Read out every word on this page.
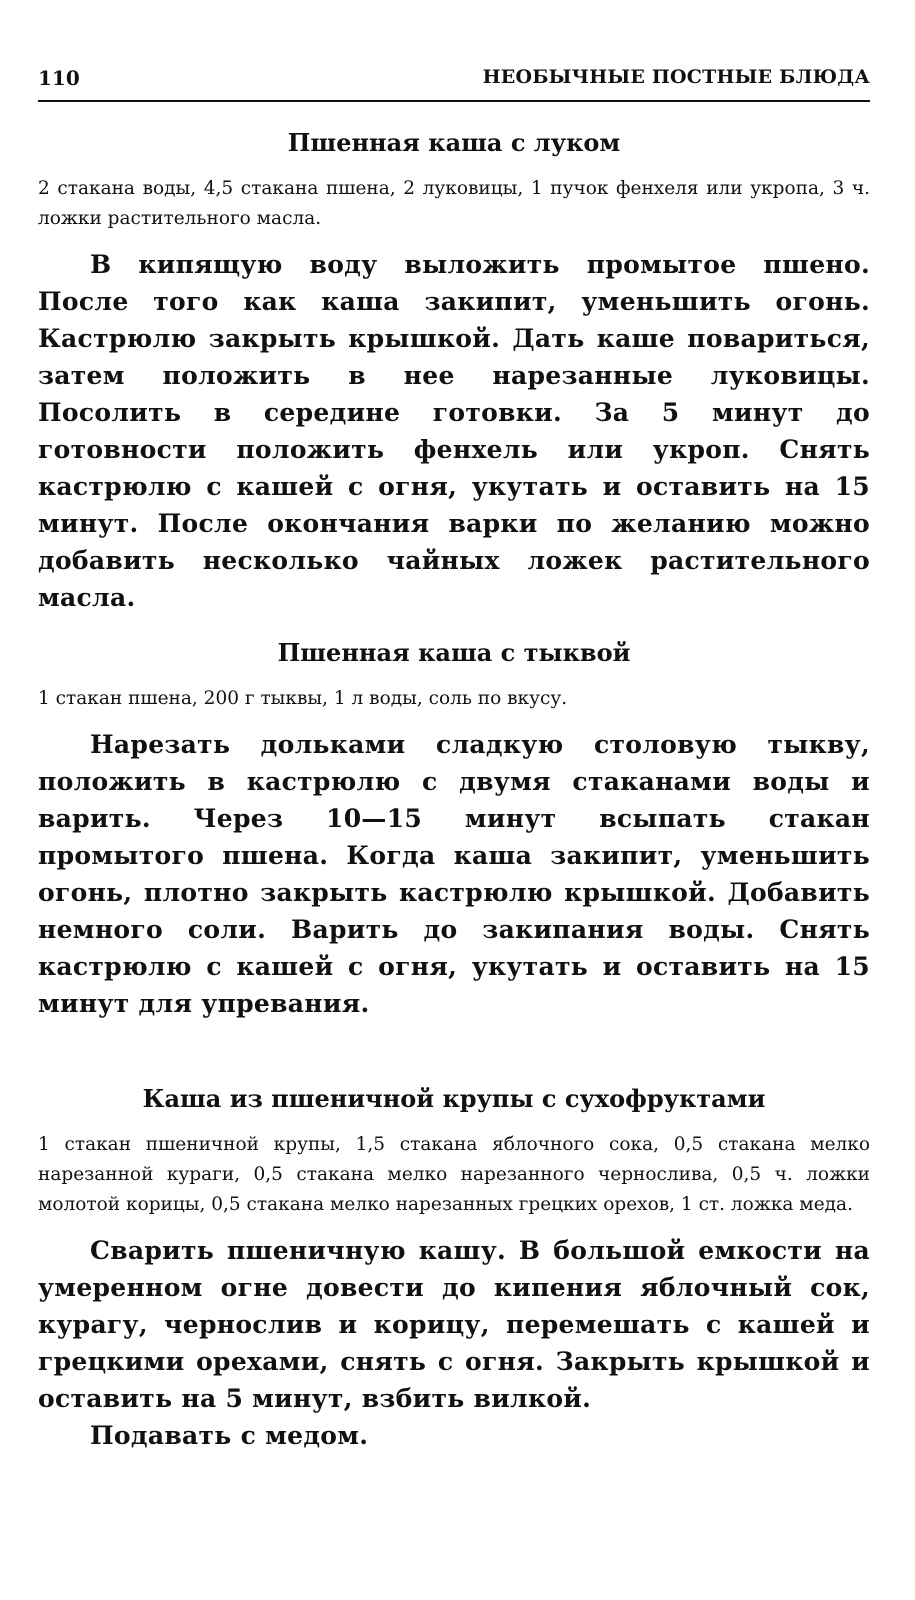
110	НЕОБЫЧНЫЕ ПОСТНЫЕ БЛЮДА
Пшенная каша с луком

2 стакана воды, 4,5 стакана пшена, 2 луковицы, 1 пучок фенхеля или укропа, 3 ч. ложки растительного масла.

В кипящую воду выложить промытое пшено. После того как каша закипит, уменьшить огонь. Кастрюлю закрыть крышкой. Дать каше повариться, затем положить в нее нарезанные луковицы. Посолить в середине готовки. За 5 минут до готовности положить фенхель или укроп. Снять кастрюлю с кашей с огня, укутать и оставить на 15 минут. После окончания варки по желанию можно добавить несколько чайных ложек растительного масла.

Пшенная каша с тыквой

1 стакан пшена, 200 г тыквы, 1 л воды, соль по вкусу.

Нарезать дольками сладкую столовую тыкву, положить в кастрюлю с двумя стаканами воды и варить. Через 10—15 минут всыпать стакан промытого пшена. Когда каша закипит, уменьшить огонь, плотно закрыть кастрюлю крышкой. Добавить немного соли. Варить до закипания воды. Снять кастрюлю с кашей с огня, укутать и оставить на 15 минут для упревания.

Каша из пшеничной крупы с сухофруктами

1 стакан пшеничной крупы, 1,5 стакана яблочного сока, 0,5 стакана мелко нарезанной кураги, 0,5 стакана мелко нарезанного чернослива, 0,5 ч. ложки молотой корицы, 0,5 стакана мелко нарезанных грецких орехов, 1 ст. ложка меда.

Сварить пшеничную кашу. В большой емкости на умеренном огне довести до кипения яблочный сок, курагу, чернослив и корицу, перемешать с кашей и грецкими орехами, снять с огня. Закрыть крышкой и оставить на 5 минут, взбить вилкой.

Подавать с медом.
